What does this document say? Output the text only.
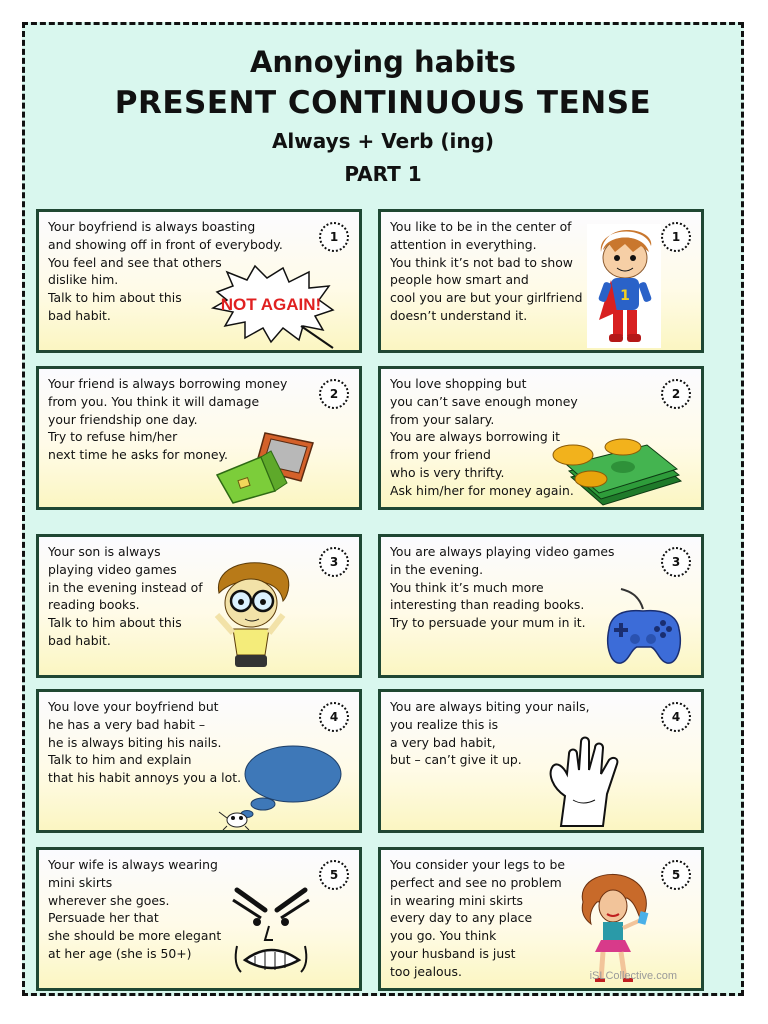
Annoying habits
PRESENT CONTINUOUS TENSE
Always + Verb (ing)
PART 1
Your boyfriend is always boasting
and showing off in front of everybody.
You feel and see that others
dislike him.
Talk to him about this
bad habit.
1
NOT AGAIN!
You like to be in the center of
attention in everything.
You think it’s not bad to show
people how smart and
cool you are but your girlfriend
doesn’t understand it.
1
1
Your friend is always borrowing money
from you. You think it will damage
your friendship one day.
Try to refuse him/her
next time he asks for money.
2
You love shopping but
you can’t save enough money
from your salary.
You are always borrowing it
from your friend
who is very thrifty.
Ask him/her for money again.
2
Your son is always
playing video games
in the evening instead of
reading books.
Talk to him about this
bad habit.
3
You are always playing video games
in the evening.
You think it’s much more
interesting than reading books.
Try to persuade your mum in it.
3
You love your boyfriend but
he has a very bad habit –
he is always biting his nails.
Talk to him and explain
that his habit annoys you a lot.
4
You are always biting your nails,
you realize this is
a very bad habit,
but – can’t give it up.
4
Your wife is always wearing
mini skirts
wherever she goes.
Persuade her that
she should be more elegant
at her age (she is 50+)
5
You consider your legs to be
perfect and see no problem
in wearing mini skirts
every day to any place
you go. You think
your husband is just
too jealous.
5
iSLCollective.com
